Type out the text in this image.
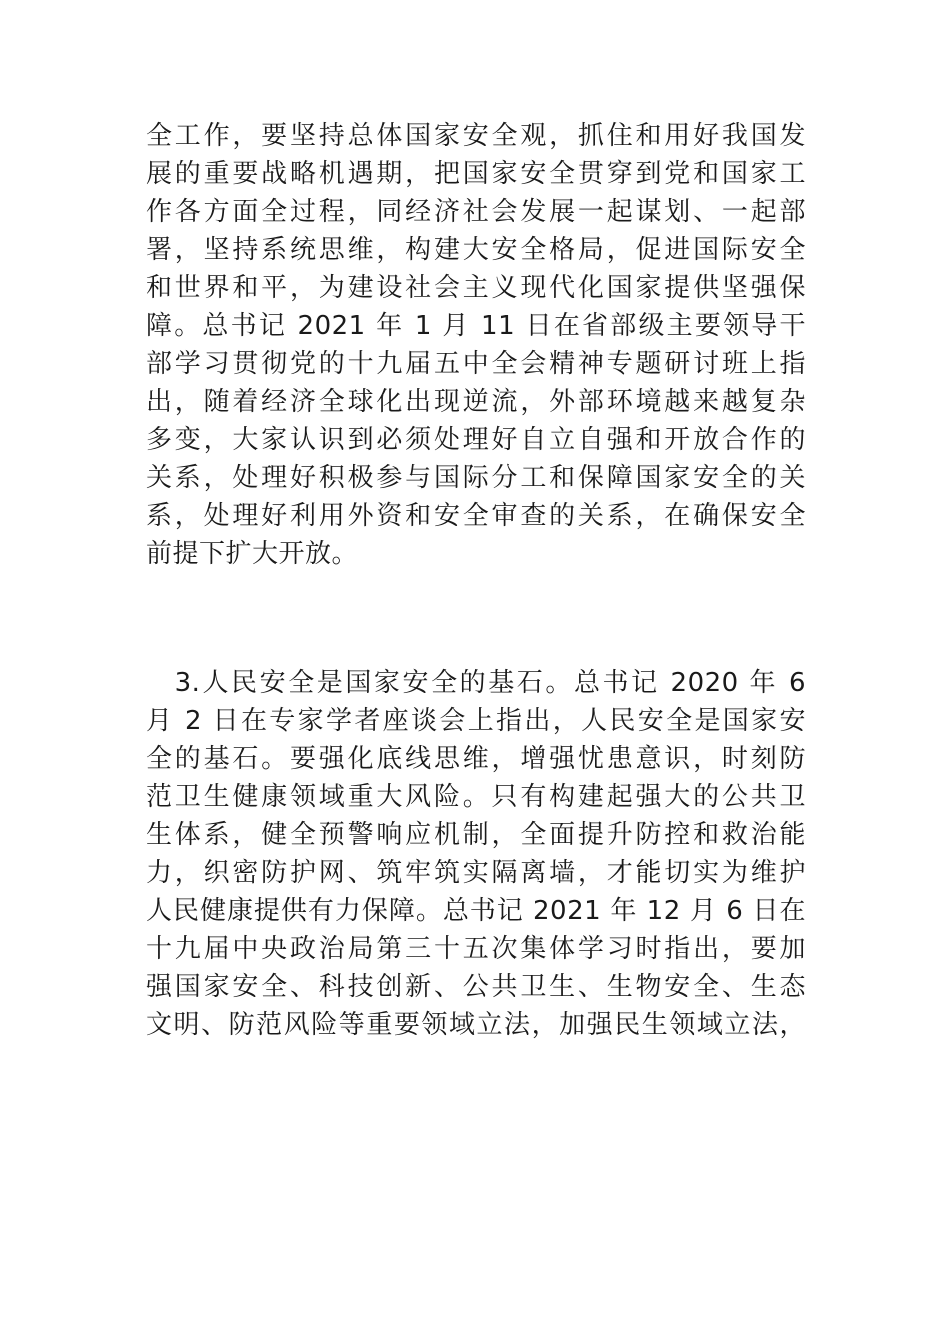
全工作，要坚持总体国家安全观，抓住和用好我国发
展的重要战略机遇期，把国家安全贯穿到党和国家工
作各方面全过程，同经济社会发展一起谋划、一起部
署，坚持系统思维，构建大安全格局，促进国际安全
和世界和平，为建设社会主义现代化国家提供坚强保
障。总书记 2021 年 1 月 11 日在省部级主要领导干
部学习贯彻党的十九届五中全会精神专题研讨班上指
出，随着经济全球化出现逆流，外部环境越来越复杂
多变，大家认识到必须处理好自立自强和开放合作的
关系，处理好积极参与国际分工和保障国家安全的关
系，处理好利用外资和安全审查的关系，在确保安全
前提下扩大开放。
　3.人民安全是国家安全的基石。总书记 2020 年 6
月 2 日在专家学者座谈会上指出，人民安全是国家安
全的基石。要强化底线思维，增强忧患意识，时刻防
范卫生健康领域重大风险。只有构建起强大的公共卫
生体系，健全预警响应机制，全面提升防控和救治能
力，织密防护网、筑牢筑实隔离墙，才能切实为维护
人民健康提供有力保障。总书记 2021 年 12 月 6 日在
十九届中央政治局第三十五次集体学习时指出，要加
强国家安全、科技创新、公共卫生、生物安全、生态
文明、防范风险等重要领域立法，加强民生领域立法，
